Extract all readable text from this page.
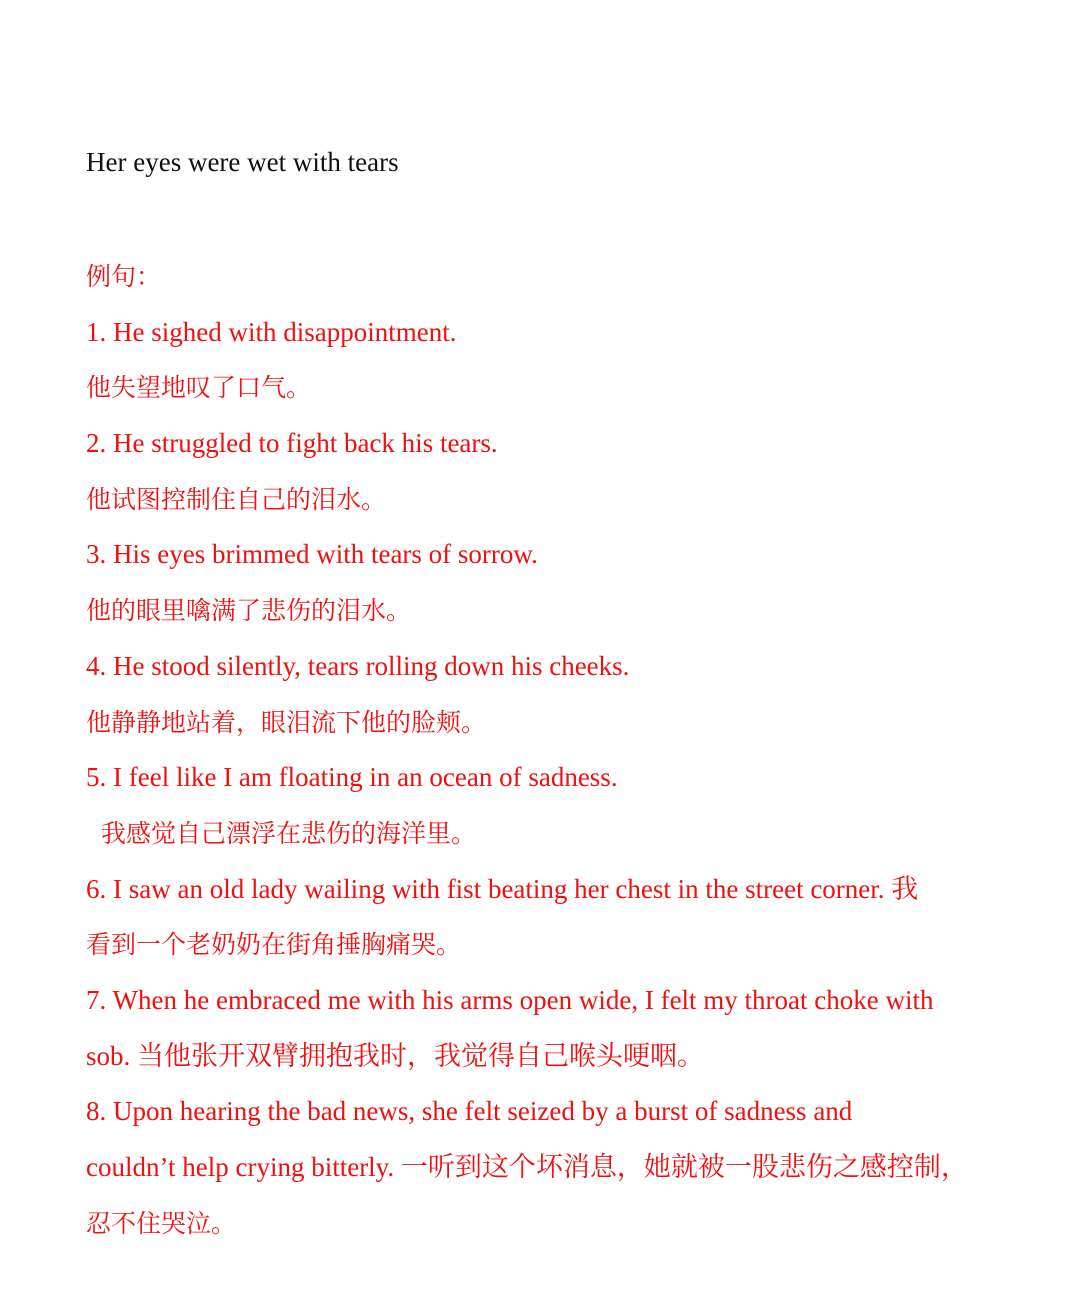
Her eyes were wet with tears
例句：
1. He sighed with disappointment.
他失望地叹了口气。
2. He struggled to fight back his tears.
他试图控制住自己的泪水。
3. His eyes brimmed with tears of sorrow.
他的眼里噙满了悲伤的泪水。
4. He stood silently, tears rolling down his cheeks.
他静静地站着，眼泪流下他的脸颊。
5. I feel like I am floating in an ocean of sadness.
我感觉自己漂浮在悲伤的海洋里。
6. I saw an old lady wailing with fist beating her chest in the street corner. 我
看到一个老奶奶在街角捶胸痛哭。
7. When he embraced me with his arms open wide, I felt my throat choke with
sob. 当他张开双臂拥抱我时，我觉得自己喉头哽咽。
8. Upon hearing the bad news, she felt seized by a burst of sadness and
couldn’t help crying bitterly. 一听到这个坏消息，她就被一股悲伤之感控制，
忍不住哭泣。
